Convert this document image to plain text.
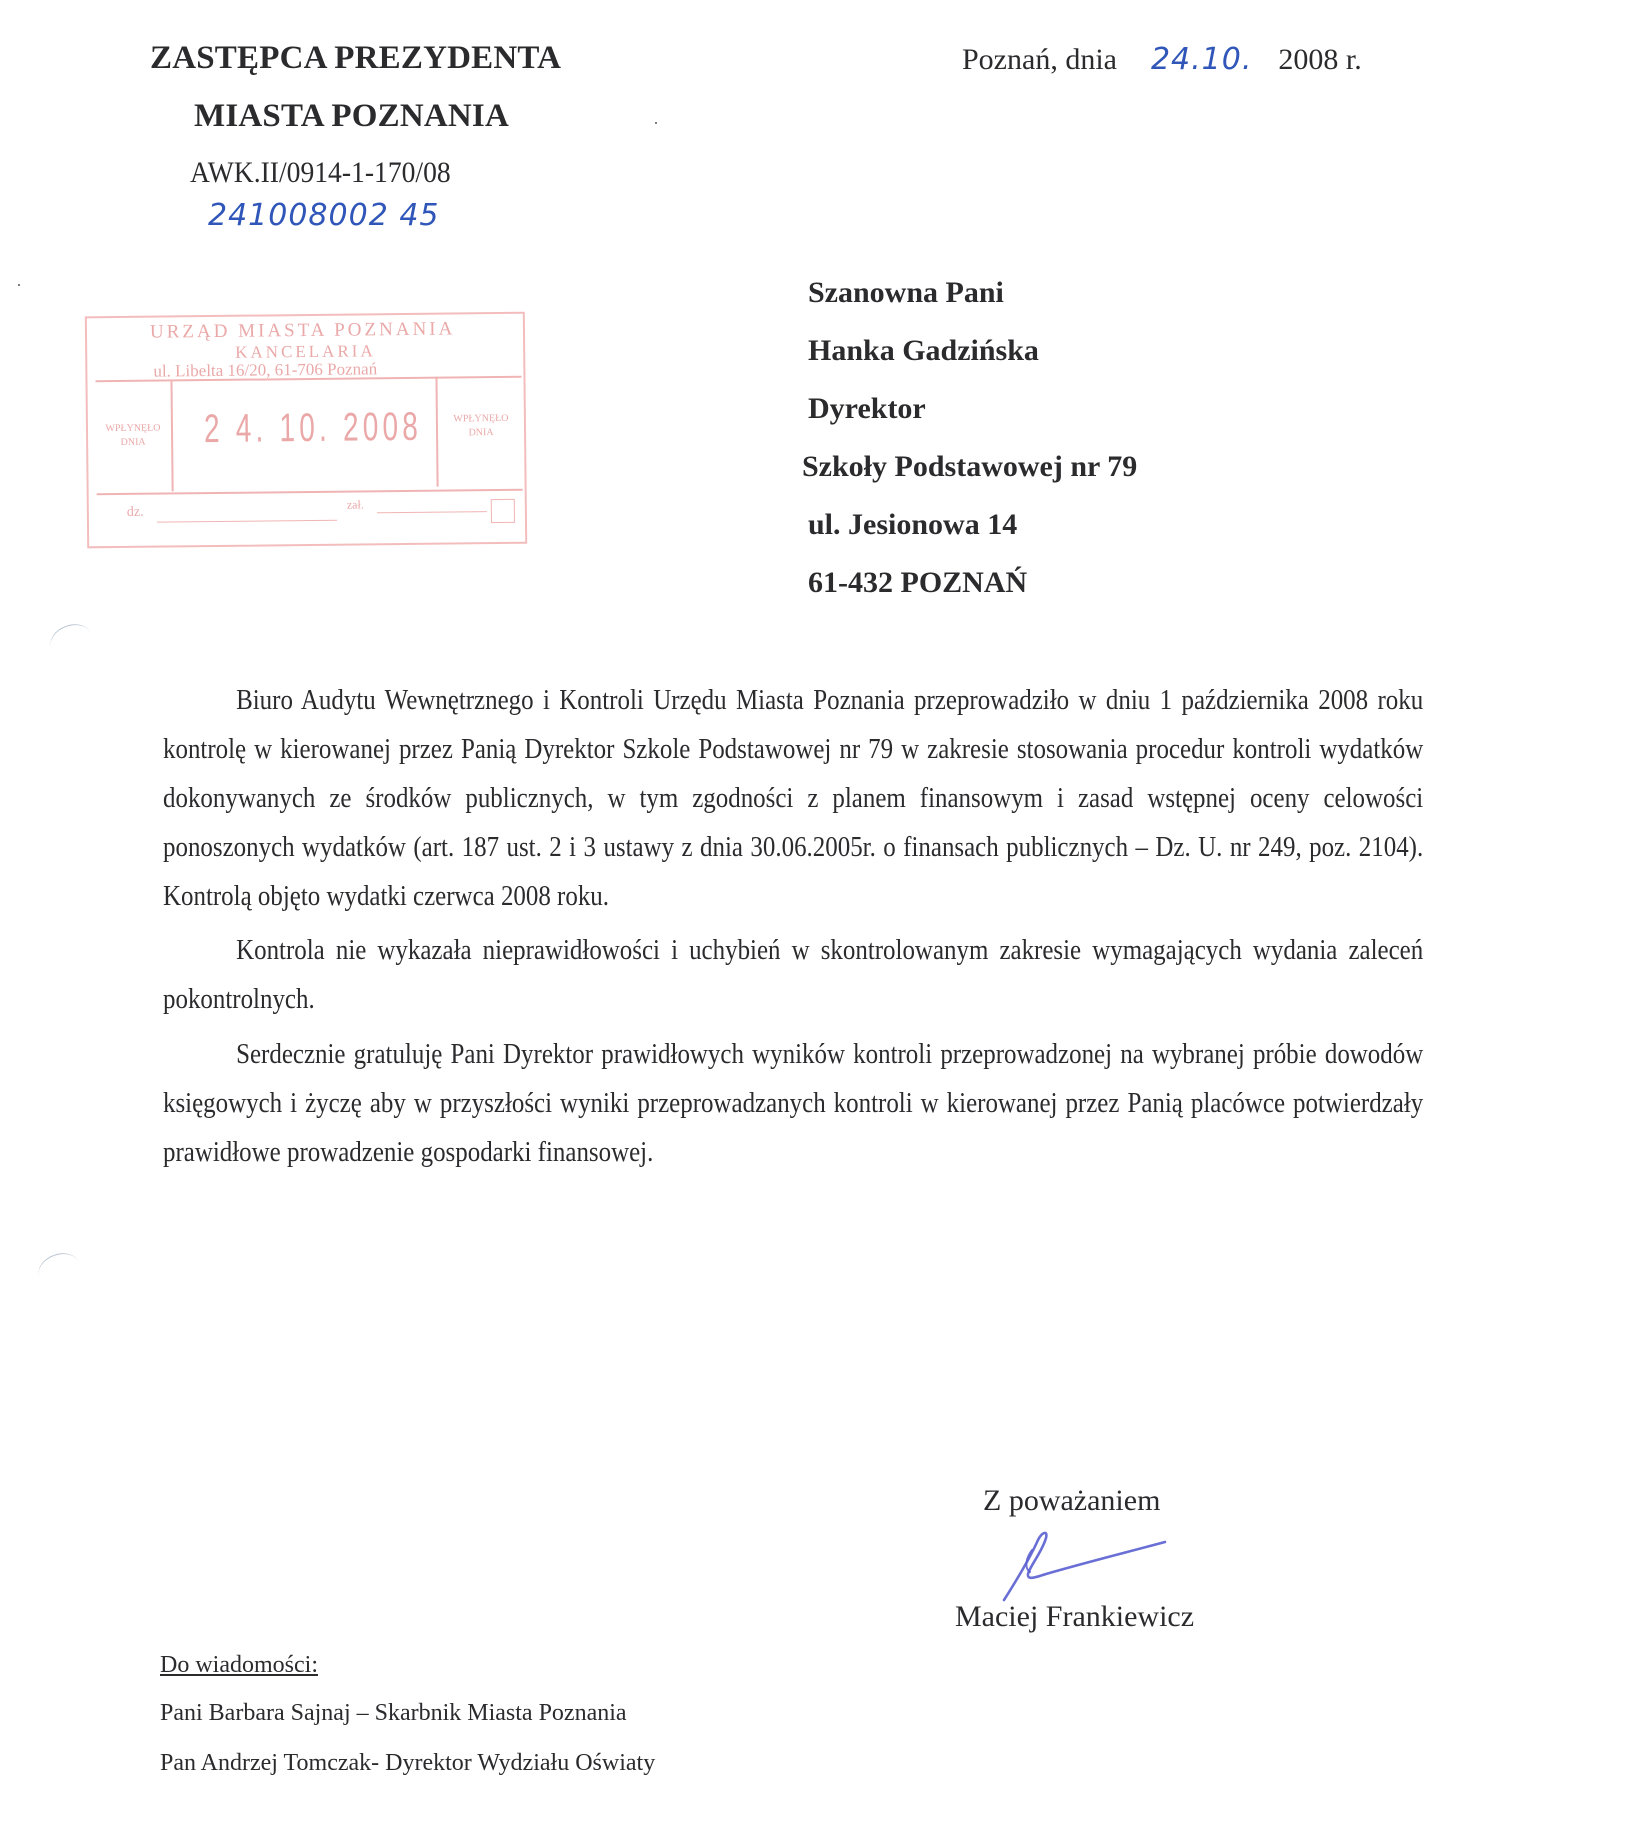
ZASTĘPCA PREZYDENTA
MIASTA POZNANIA
AWK.II/0914-1-170/08
241008002 45
Poznań, dnia 24.10. 2008 r.
URZĄD MIASTA POZNANIA
KANCELARIA
ul. Libelta 16/20, 61-706 Poznań
WPŁYNĘŁO DNIA	2 4. 10. 2008	WPŁYNĘŁO DNIA
dz.
zał.
Szanowna Pani
Hanka Gadzińska
Dyrektor
Szkoły Podstawowej nr 79
ul. Jesionowa 14
61-432 POZNAŃ

Biuro Audytu Wewnętrznego i Kontroli Urzędu Miasta Poznania przeprowadziło w dniu 1 października 2008 roku kontrolę w kierowanej przez Panią Dyrektor Szkole Podstawowej nr 79 w zakresie stosowania procedur kontroli wydatków dokonywanych ze środków publicznych, w tym zgodności z planem finansowym i zasad wstępnej oceny celowości ponoszonych wydatków (art. 187 ust. 2 i 3 ustawy z dnia 30.06.2005r. o finansach publicznych – Dz. U. nr 249, poz. 2104). Kontrolą objęto wydatki czerwca 2008 roku.

Kontrola nie wykazała nieprawidłowości i uchybień w skontrolowanym zakresie wymagających wydania zaleceń pokontrolnych.

Serdecznie gratuluję Pani Dyrektor prawidłowych wyników kontroli przeprowadzonej na wybranej próbie dowodów księgowych i życzę aby w przyszłości wyniki przeprowadzanych kontroli w kierowanej przez Panią placówce potwierdzały prawidłowe prowadzenie gospodarki finansowej.

Z poważaniem
Maciej Frankiewicz
Do wiadomości:
Pani Barbara Sajnaj – Skarbnik Miasta Poznania
Pan Andrzej Tomczak- Dyrektor Wydziału Oświaty
